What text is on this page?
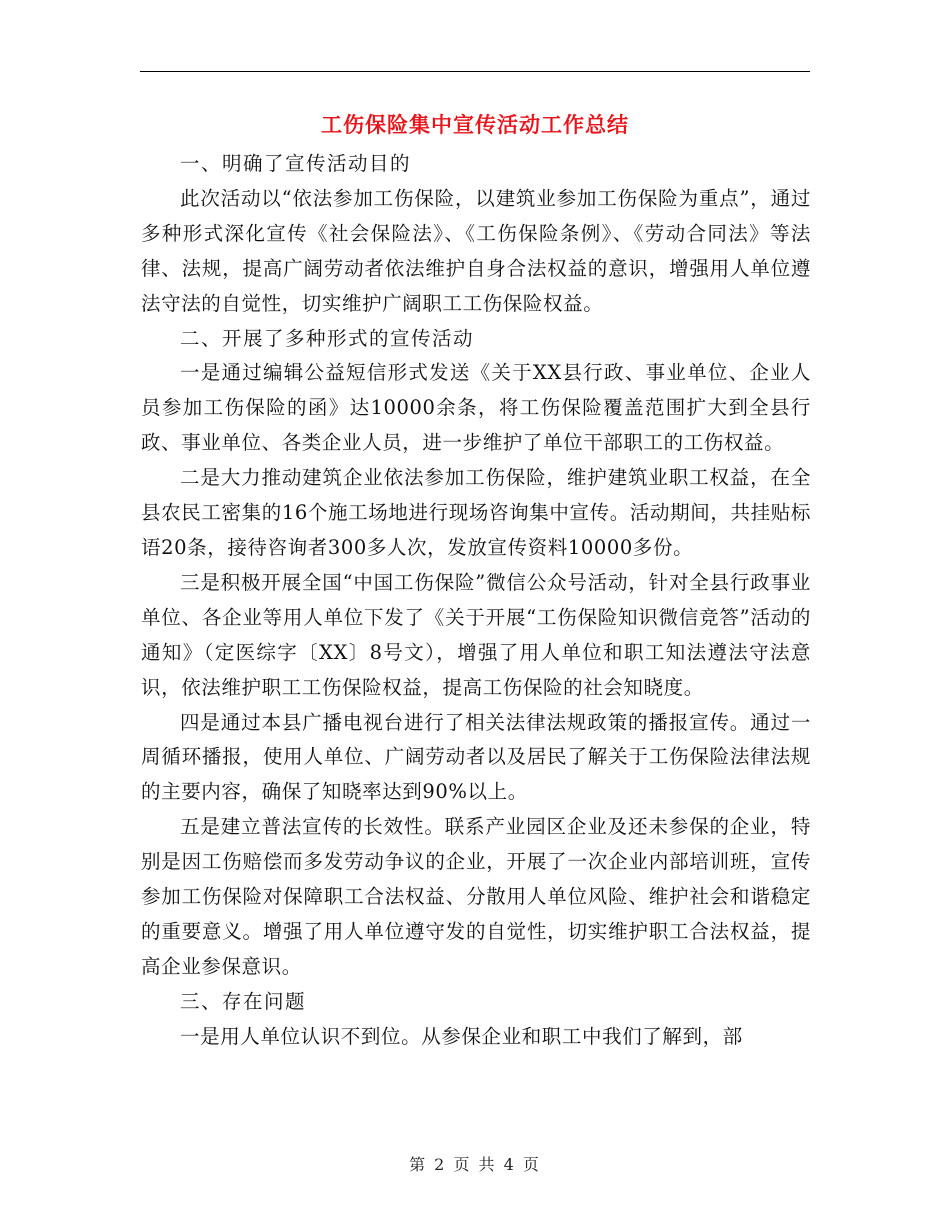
工伤保险集中宣传活动工作总结

一、明确了宣传活动目的

此次活动以“依法参加工伤保险，以建筑业参加工伤保险为重点”，通过多种形式深化宣传《社会保险法》、《工伤保险条例》、《劳动合同法》等法律、法规，提高广阔劳动者依法维护自身合法权益的意识，增强用人单位遵法守法的自觉性，切实维护广阔职工工伤保险权益。

二、开展了多种形式的宣传活动

一是通过编辑公益短信形式发送《关于XX县行政、事业单位、企业人员参加工伤保险的函》达10000余条，将工伤保险覆盖范围扩大到全县行政、事业单位、各类企业人员，进一步维护了单位干部职工的工伤权益。

二是大力推动建筑企业依法参加工伤保险，维护建筑业职工权益，在全县农民工密集的16个施工场地进行现场咨询集中宣传。活动期间，共挂贴标语20条，接待咨询者300多人次，发放宣传资料10000多份。

三是积极开展全国“中国工伤保险”微信公众号活动，针对全县行政事业单位、各企业等用人单位下发了《关于开展“工伤保险知识微信竞答”活动的通知》（定医综字〔XX〕8号文），增强了用人单位和职工知法遵法守法意识，依法维护职工工伤保险权益，提高工伤保险的社会知晓度。

四是通过本县广播电视台进行了相关法律法规政策的播报宣传。通过一周循环播报，使用人单位、广阔劳动者以及居民了解关于工伤保险法律法规的主要内容，确保了知晓率达到90%以上。

五是建立普法宣传的长效性。联系产业园区企业及还未参保的企业，特别是因工伤赔偿而多发劳动争议的企业，开展了一次企业内部培训班，宣传参加工伤保险对保障职工合法权益、分散用人单位风险、维护社会和谐稳定的重要意义。增强了用人单位遵守发的自觉性，切实维护职工合法权益，提高企业参保意识。

三、存在问题

一是用人单位认识不到位。从参保企业和职工中我们了解到，部

第 2 页 共 4 页
